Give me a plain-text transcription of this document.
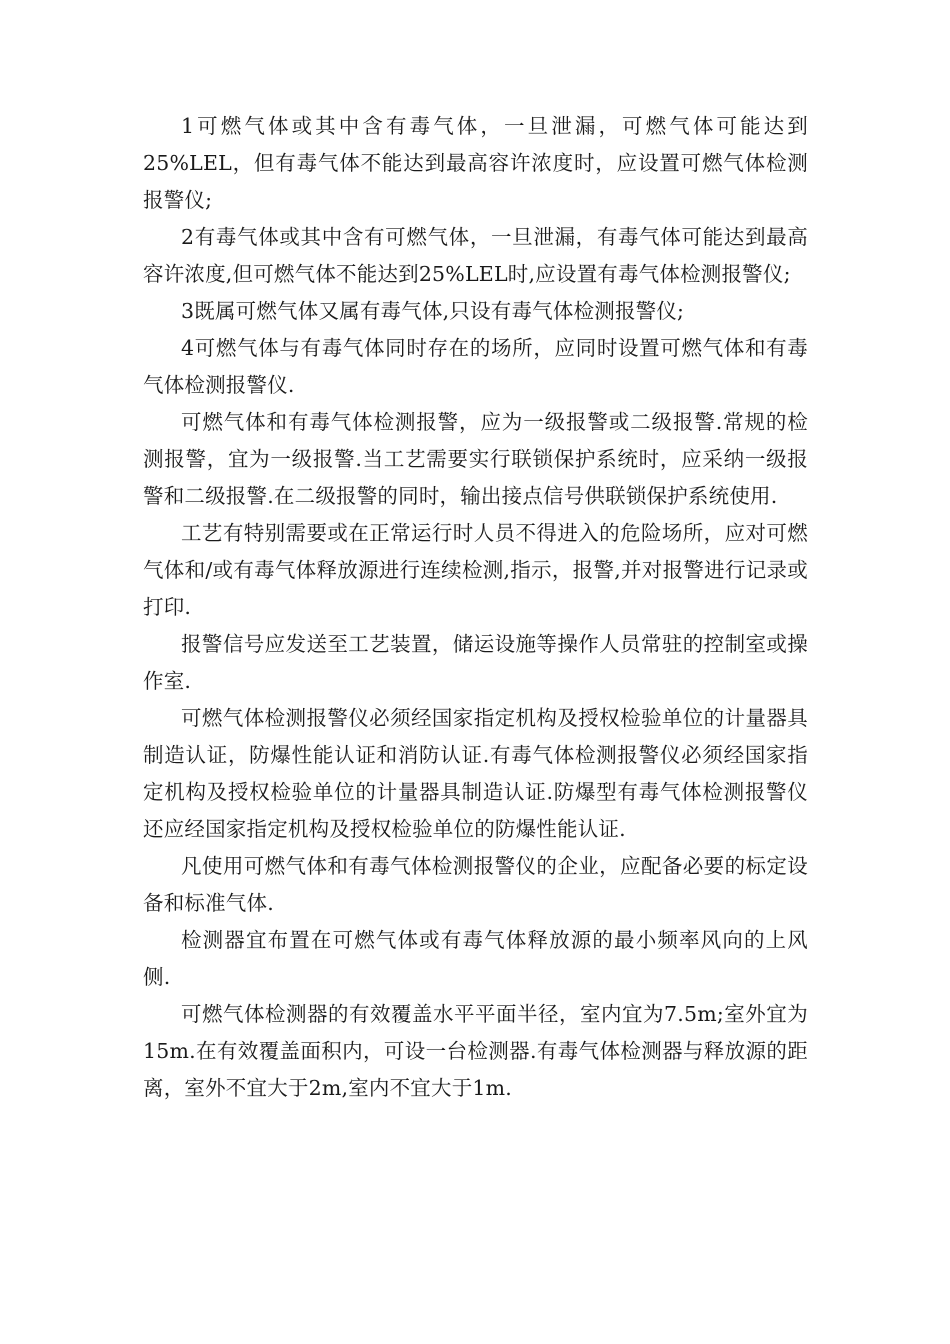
1可燃气体或其中含有毒气体，一旦泄漏，可燃气体可能达到25%LEL，但有毒气体不能达到最高容许浓度时，应设置可燃气体检测报警仪;

2有毒气体或其中含有可燃气体，一旦泄漏，有毒气体可能达到最高容许浓度,但可燃气体不能达到25%LEL时,应设置有毒气体检测报警仪;

3既属可燃气体又属有毒气体,只设有毒气体检测报警仪;

4可燃气体与有毒气体同时存在的场所，应同时设置可燃气体和有毒气体检测报警仪.

可燃气体和有毒气体检测报警，应为一级报警或二级报警.常规的检测报警，宜为一级报警.当工艺需要实行联锁保护系统时，应采纳一级报警和二级报警.在二级报警的同时，输出接点信号供联锁保护系统使用.

工艺有特别需要或在正常运行时人员不得进入的危险场所，应对可燃气体和/或有毒气体释放源进行连续检测,指示，报警,并对报警进行记录或打印.

报警信号应发送至工艺装置，储运设施等操作人员常驻的控制室或操作室.

可燃气体检测报警仪必须经国家指定机构及授权检验单位的计量器具制造认证，防爆性能认证和消防认证.有毒气体检测报警仪必须经国家指定机构及授权检验单位的计量器具制造认证.防爆型有毒气体检测报警仪还应经国家指定机构及授权检验单位的防爆性能认证.

凡使用可燃气体和有毒气体检测报警仪的企业，应配备必要的标定设备和标准气体.

检测器宜布置在可燃气体或有毒气体释放源的最小频率风向的上风侧.

可燃气体检测器的有效覆盖水平平面半径，室内宜为7.5m;室外宜为15m.在有效覆盖面积内，可设一台检测器.有毒气体检测器与释放源的距离，室外不宜大于2m,室内不宜大于1m.
